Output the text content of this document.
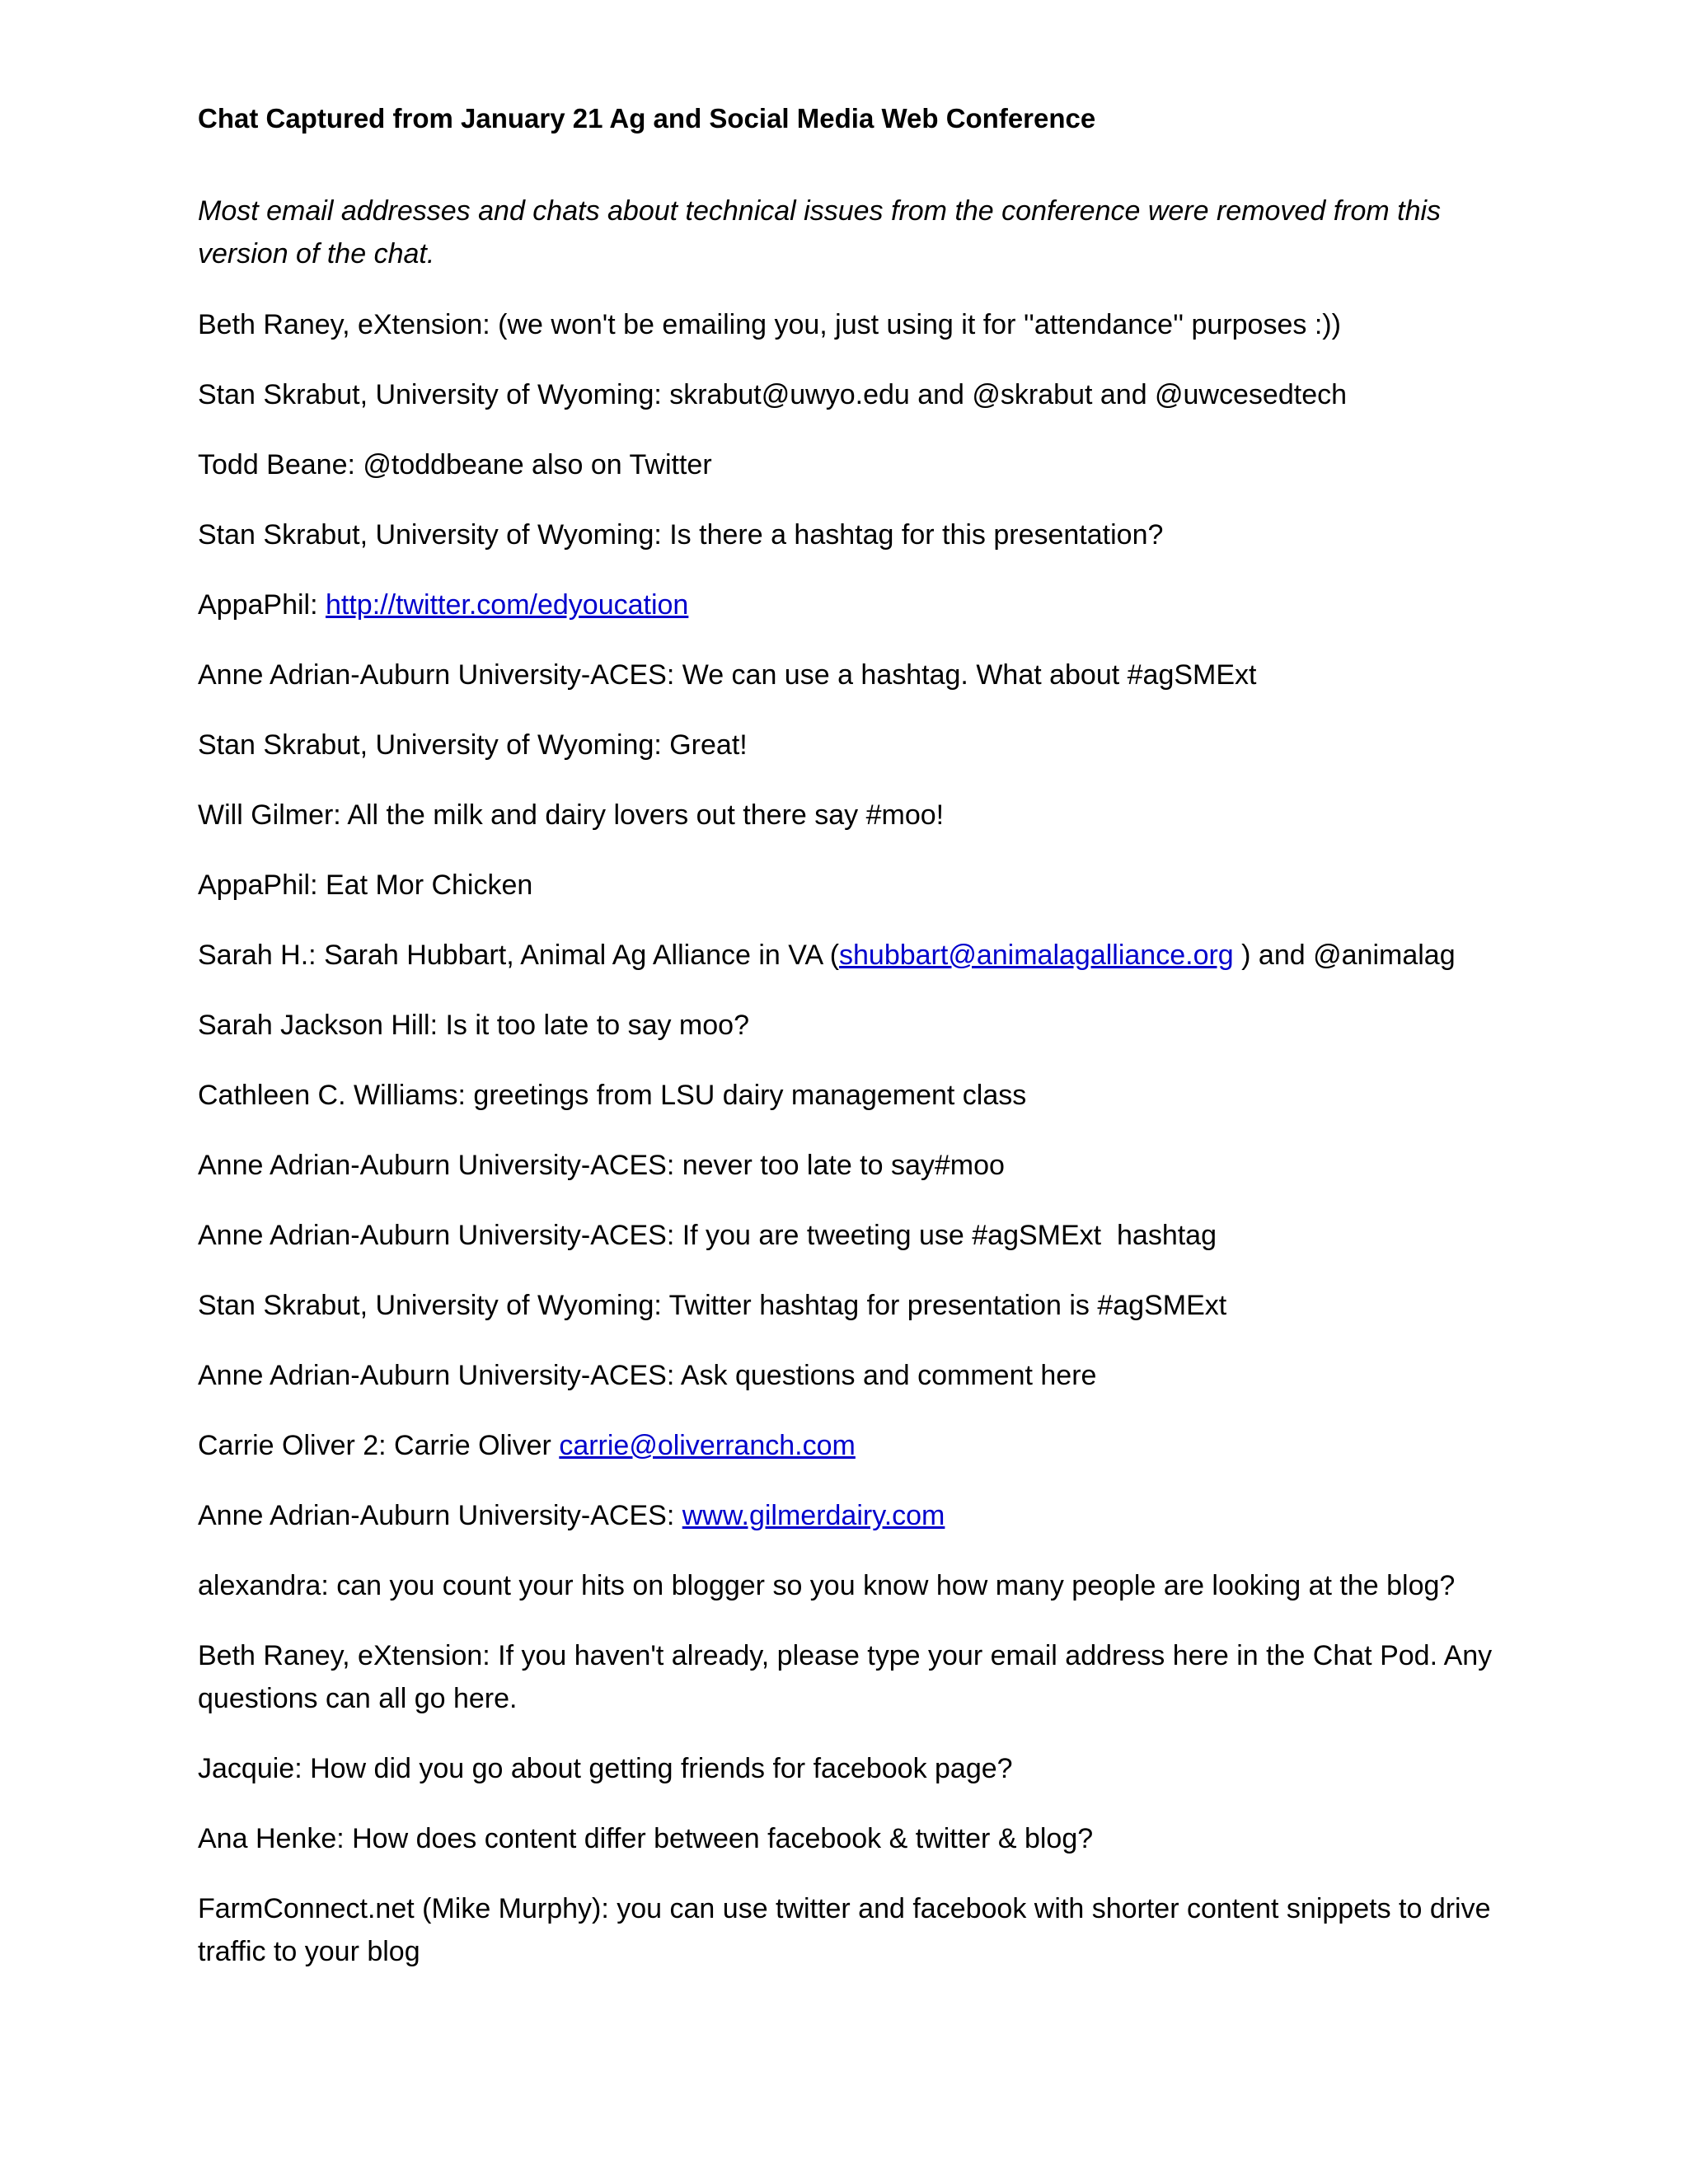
Chat Captured from January 21 Ag and Social Media Web Conference
Most email addresses and chats about technical issues from the conference were removed from this version of the chat.
Beth Raney, eXtension: (we won't be emailing you, just using it for ''attendance'' purposes :))
Stan Skrabut, University of Wyoming: skrabut@uwyo.edu and @skrabut and @uwcesedtech
Todd Beane: @toddbeane also on Twitter
Stan Skrabut, University of Wyoming: Is there a hashtag for this presentation?
AppaPhil: http://twitter.com/edyoucation
Anne Adrian-Auburn University-ACES: We can use a hashtag. What about #agSMExt
Stan Skrabut, University of Wyoming: Great!
Will Gilmer: All the milk and dairy lovers out there say #moo!
AppaPhil: Eat Mor Chicken
Sarah H.: Sarah Hubbart, Animal Ag Alliance in VA (shubbart@animalagalliance.org ) and @animalag
Sarah Jackson Hill: Is it too late to say moo?
Cathleen C. Williams: greetings from LSU dairy management class
Anne Adrian-Auburn University-ACES: never too late to say#moo
Anne Adrian-Auburn University-ACES: If you are tweeting use #agSMExt  hashtag
Stan Skrabut, University of Wyoming: Twitter hashtag for presentation is #agSMExt
Anne Adrian-Auburn University-ACES: Ask questions and comment here
Carrie Oliver 2: Carrie Oliver carrie@oliverranch.com
Anne Adrian-Auburn University-ACES: www.gilmerdairy.com
alexandra: can you count your hits on blogger so you know how many people are looking at the blog?
Beth Raney, eXtension: If you haven't already, please type your email address here in the Chat Pod. Any questions can all go here.
Jacquie: How did you go about getting friends for facebook page?
Ana Henke: How does content differ between facebook & twitter & blog?
FarmConnect.net (Mike Murphy): you can use twitter and facebook with shorter content snippets to drive traffic to your blog
